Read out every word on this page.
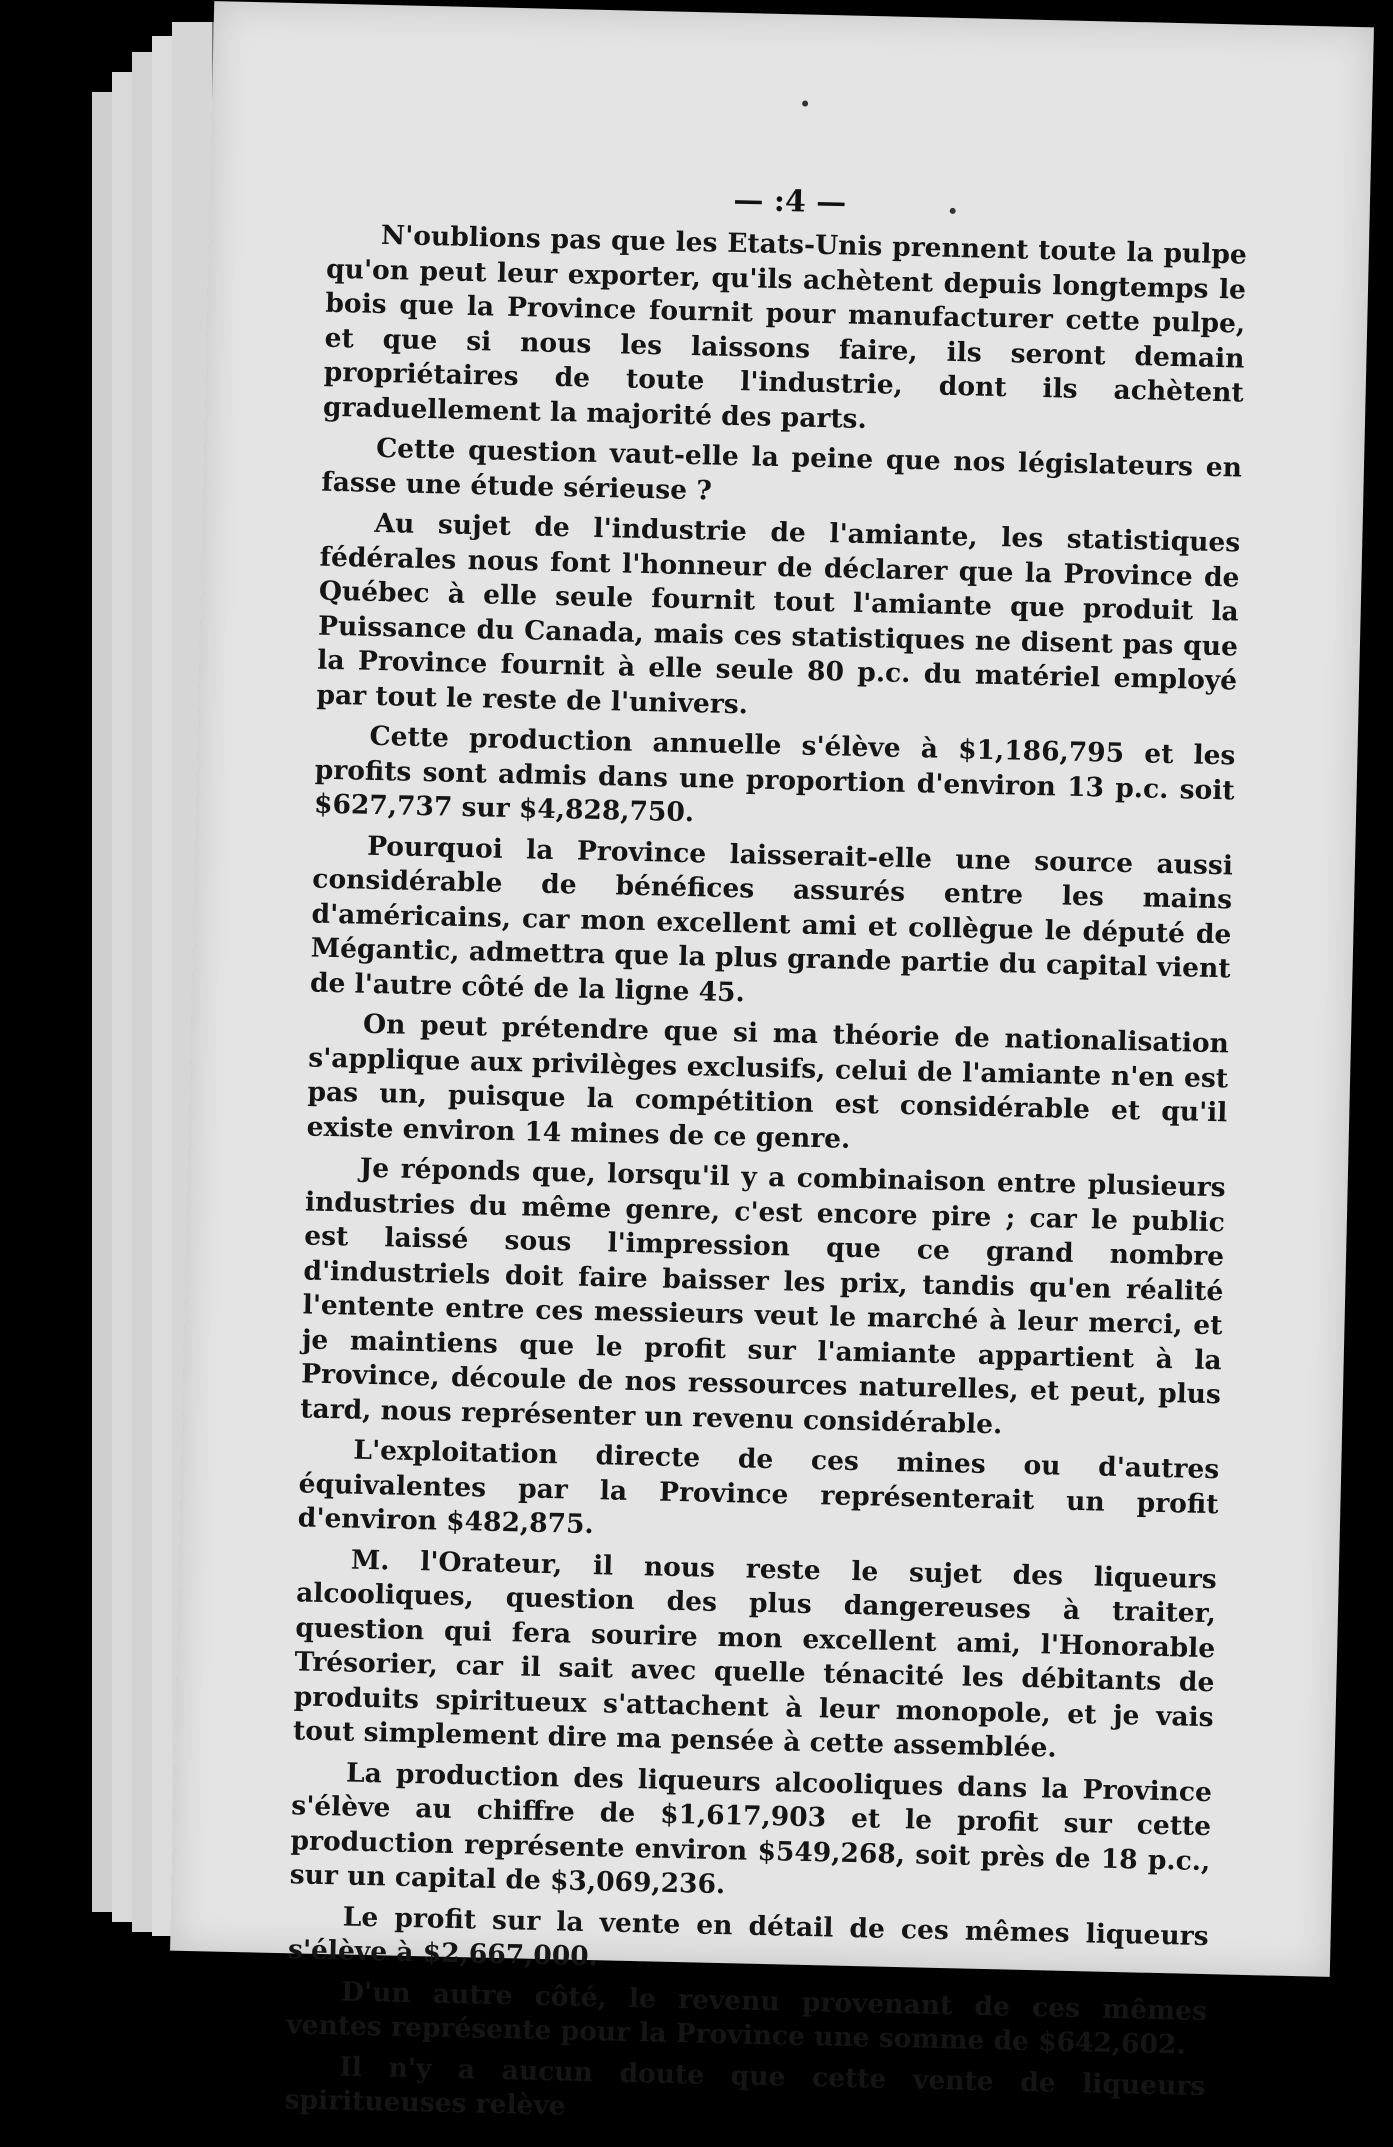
— :4 —

N'oublions pas que les Etats-Unis prennent toute la pulpe qu'on peut leur exporter, qu'ils achètent depuis longtemps le bois que la Province fournit pour manufacturer cette pulpe, et que si nous les laissons faire, ils seront demain propriétaires de toute l'industrie, dont ils achètent graduellement la majorité des parts.

Cette question vaut-elle la peine que nos législateurs en fasse une étude sérieuse ?

Au sujet de l'industrie de l'amiante, les statistiques fédérales nous font l'honneur de déclarer que la Province de Québec à elle seule fournit tout l'amiante que produit la Puissance du Canada, mais ces statistiques ne disent pas que la Province fournit à elle seule 80 p.c. du matériel employé par tout le reste de l'univers.

Cette production annuelle s'élève à $1,186,795 et les profits sont admis dans une proportion d'environ 13 p.c. soit $627,737 sur $4,828,750.

Pourquoi la Province laisserait-elle une source aussi considérable de bénéfices assurés entre les mains d'américains, car mon excellent ami et collègue le député de Mégantic, admettra que la plus grande partie du capital vient de l'autre côté de la ligne 45.

On peut prétendre que si ma théorie de nationalisation s'applique aux privilèges exclusifs, celui de l'amiante n'en est pas un, puisque la compétition est considérable et qu'il existe environ 14 mines de ce genre.

Je réponds que, lorsqu'il y a combinaison entre plusieurs industries du même genre, c'est encore pire ; car le public est laissé sous l'impression que ce grand nombre d'industriels doit faire baisser les prix, tandis qu'en réalité l'entente entre ces messieurs veut le marché à leur merci, et je maintiens que le profit sur l'amiante appartient à la Province, découle de nos ressources naturelles, et peut, plus tard, nous représenter un revenu considérable.

L'exploitation directe de ces mines ou d'autres équivalentes par la Province représenterait un profit d'environ $482,875.

M. l'Orateur, il nous reste le sujet des liqueurs alcooliques, question des plus dangereuses à traiter, question qui fera sourire mon excellent ami, l'Honorable Trésorier, car il sait avec quelle ténacité les débitants de produits spiritueux s'attachent à leur monopole, et je vais tout simplement dire ma pensée à cette assemblée.

La production des liqueurs alcooliques dans la Province s'élève au chiffre de $1,617,903 et le profit sur cette production représente environ $549,268, soit près de 18 p.c., sur un capital de $3,069,236.

Le profit sur la vente en détail de ces mêmes liqueurs s'élève à $2,667,000.

D'un autre côté, le revenu provenant de ces mêmes ventes représente pour la Province une somme de $642,602.

Il n'y a aucun doute que cette vente de liqueurs spiritueuses relève
